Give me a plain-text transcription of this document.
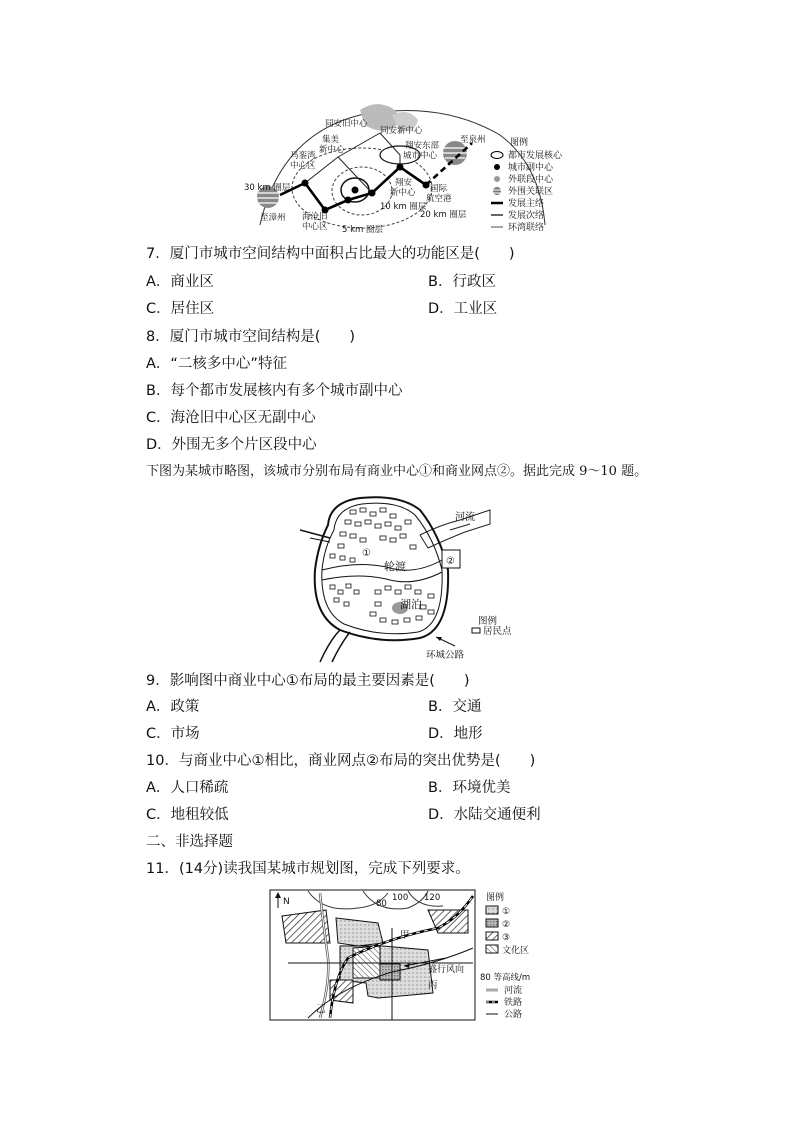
同安旧中心
同安新中心
集美
新中心
马銮湾
中心区
翔安东部
城市中心
至泉州
30 km 圈层
至漳州 海沧旧
中心区 5 km 圈层
翔安
新中心
10 km 圈层
国际
航空港
20 km 圈层
图例
都市发展核心
城市副中心
外联段中心
外围关联区
发展主络
发展次络
环湾联络
7．厦门市城市空间结构中面积占比最大的功能区是(　　)
A．商业区	B．行政区
C．居住区	D．工业区
8．厦门市城市空间结构是(　　)
A．“二核多中心”特征
B．每个都市发展核内有多个城市副中心
C．海沧旧中心区无副中心
D．外围无多个片区段中心
下图为某城市略图，该城市分别布局有商业中心①和商业网点②。据此完成 9～10 题。
河流
①
轮渡
湖泊
②
图例
居民点
环城公路
9．影响图中商业中心①布局的最主要因素是(　　)
A．政策	B．交通
C．市场	D．地形
10．与商业中心①相比，商业网点②布局的突出优势是(　　)
A．人口稀疏	B．环境优美
C．地租较低	D．水陆交通便利
二、非选择题
11．(14分)读我国某城市规划图，完成下列要求。
N	80
100 120
甲
乙
丙
盛行风向
图例
①
②
③
文化区
80 等高线/m
河流
铁路
公路
